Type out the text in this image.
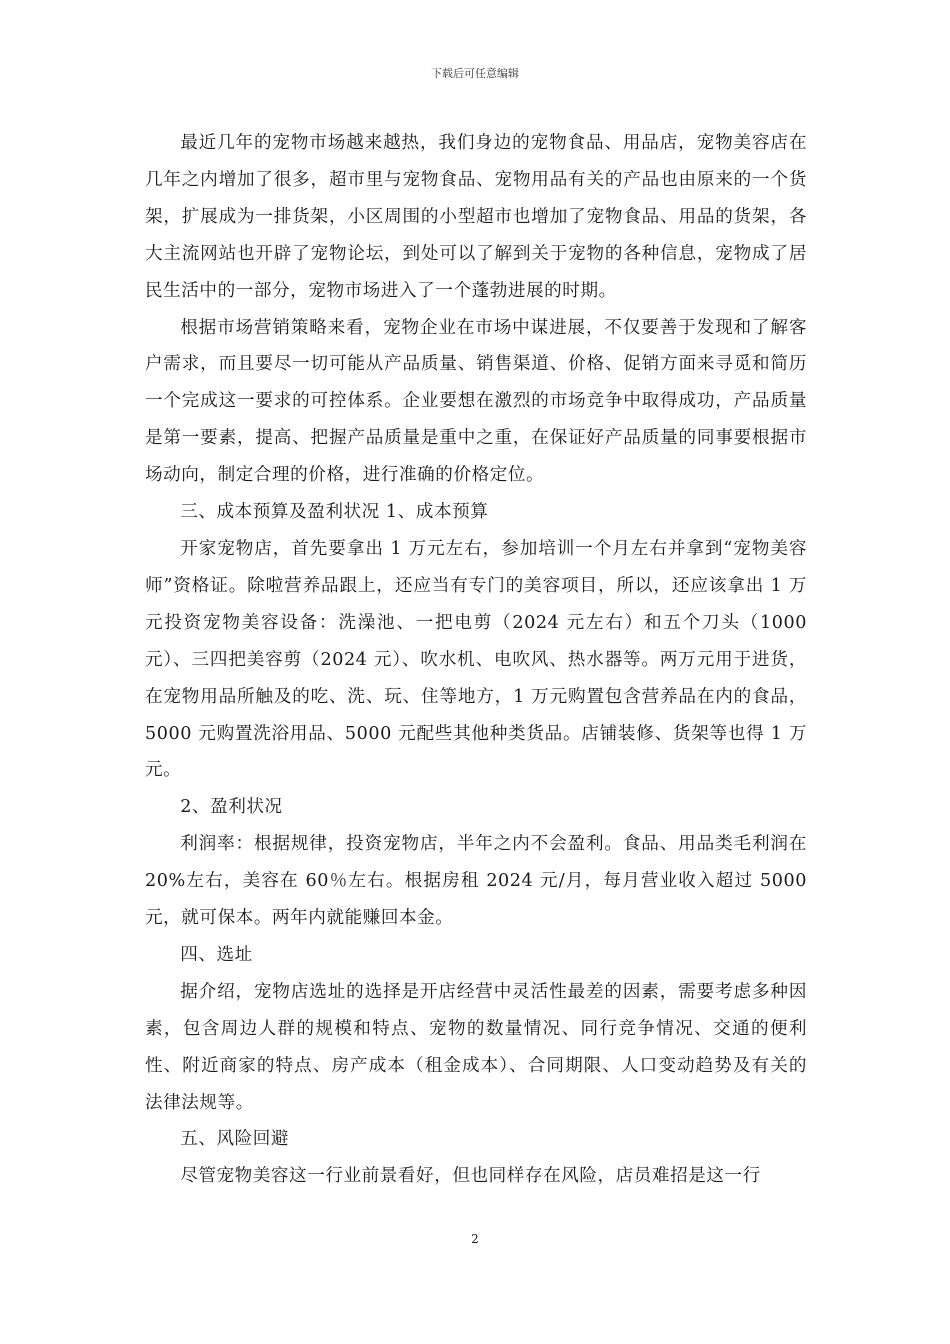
下载后可任意编辑

最近几年的宠物市场越来越热，我们身边的宠物食品、用品店，宠物美容店在几年之内增加了很多，超市里与宠物食品、宠物用品有关的产品也由原来的一个货架，扩展成为一排货架，小区周围的小型超市也增加了宠物食品、用品的货架，各大主流网站也开辟了宠物论坛，到处可以了解到关于宠物的各种信息，宠物成了居民生活中的一部分，宠物市场进入了一个蓬勃进展的时期。

根据市场营销策略来看，宠物企业在市场中谋进展，不仅要善于发现和了解客户需求，而且要尽一切可能从产品质量、销售渠道、价格、促销方面来寻觅和简历一个完成这一要求的可控体系。企业要想在激烈的市场竞争中取得成功，产品质量是第一要素，提高、把握产品质量是重中之重，在保证好产品质量的同事要根据市场动向，制定合理的价格，进行准确的价格定位。

三、成本预算及盈利状况 1、成本预算

开家宠物店，首先要拿出 1 万元左右，参加培训一个月左右并拿到“宠物美容师”资格证。除啦营养品跟上，还应当有专门的美容项目，所以，还应该拿出 1 万元投资宠物美容设备：洗澡池、一把电剪（2024 元左右）和五个刀头（1000 元）、三四把美容剪（2024 元）、吹水机、电吹风、热水器等。两万元用于进货，在宠物用品所触及的吃、洗、玩、住等地方，1 万元购置包含营养品在内的食品，5000 元购置洗浴用品、5000 元配些其他种类货品。店铺装修、货架等也得 1 万元。

2、盈利状况

利润率：根据规律，投资宠物店，半年之内不会盈利。食品、用品类毛利润在 20%左右，美容在 60％左右。根据房租 2024 元/月，每月营业收入超过 5000 元，就可保本。两年内就能赚回本金。

四、选址

据介绍，宠物店选址的选择是开店经营中灵活性最差的因素，需要考虑多种因素，包含周边人群的规模和特点、宠物的数量情况、同行竞争情况、交通的便利性、附近商家的特点、房产成本（租金成本）、合同期限、人口变动趋势及有关的法律法规等。

五、风险回避

尽管宠物美容这一行业前景看好，但也同样存在风险，店员难招是这一行

2
